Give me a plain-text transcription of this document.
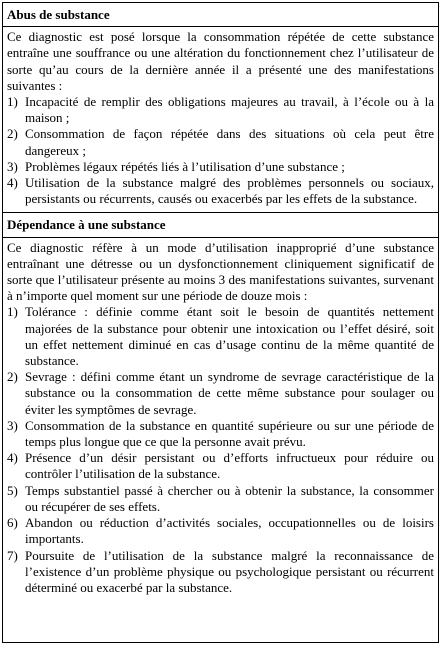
Abus de substance

Ce diagnostic est posé lorsque la consommation répétée de cette substance entraîne une souffrance ou une altération du fonctionnement chez l’utilisateur de sorte qu’au cours de la dernière année il a présenté une des manifestations suivantes :

1) Incapacité de remplir des obligations majeures au travail, à l’école ou à la maison ;
2) Consommation de façon répétée dans des situations où cela peut être dangereux ;
3) Problèmes légaux répétés liés à l’utilisation d’une substance ;
4) Utilisation de la substance malgré des problèmes personnels ou sociaux, persistants ou récurrents, causés ou exacerbés par les effets de la substance.
Dépendance à une substance

Ce diagnostic réfère à un mode d’utilisation inapproprié d’une substance entraînant une détresse ou un dysfonctionnement cliniquement significatif de sorte que l’utilisateur présente au moins 3 des manifestations suivantes, survenant à n’importe quel moment sur une période de douze mois :

1) Tolérance : définie comme étant soit le besoin de quantités nettement majorées de la substance pour obtenir une intoxication ou l’effet désiré, soit un effet nettement diminué en cas d’usage continu de la même quantité de substance.
2) Sevrage : défini comme étant un syndrome de sevrage caractéristique de la substance ou la consommation de cette même substance pour soulager ou éviter les symptômes de sevrage.
3) Consommation de la substance en quantité supérieure ou sur une période de temps plus longue que ce que la personne avait prévu.
4) Présence d’un désir persistant ou d’efforts infructueux pour réduire ou contrôler l’utilisation de la substance.
5) Temps substantiel passé à chercher ou à obtenir la substance, la consommer ou récupérer de ses effets.
6) Abandon ou réduction d’activités sociales, occupationnelles ou de loisirs importants.
7) Poursuite de l’utilisation de la substance malgré la reconnaissance de l’existence d’un problème physique ou psychologique persistant ou récurrent déterminé ou exacerbé par la substance.
